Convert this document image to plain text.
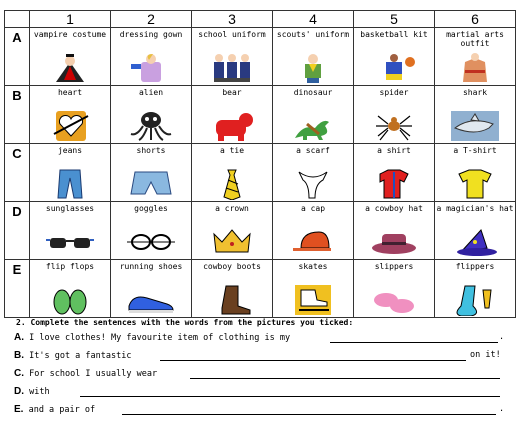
	1	2	3	4	5	6
A	vampire costume	dressing gown	school uniform	scouts' uniform	basketball kit	martial arts outfit

B	heart	alien	bear	dinosaur	spider	shark

C	jeans	shorts	a tie	a scarf	a shirt	a T-shirt

D	sunglasses	goggles	a crown	a cap	a cowboy hat	a magician's hat

E	flip flops	running shoes	cowboy boots	skates	slippers	flippers
2. Complete the sentences with the words from the pictures you ticked:
A. I love clothes! My favourite item of clothing is my	.
B. It's got a fantastic	on it!
C. For school I usually wear
D. with
E. and a pair of	.
